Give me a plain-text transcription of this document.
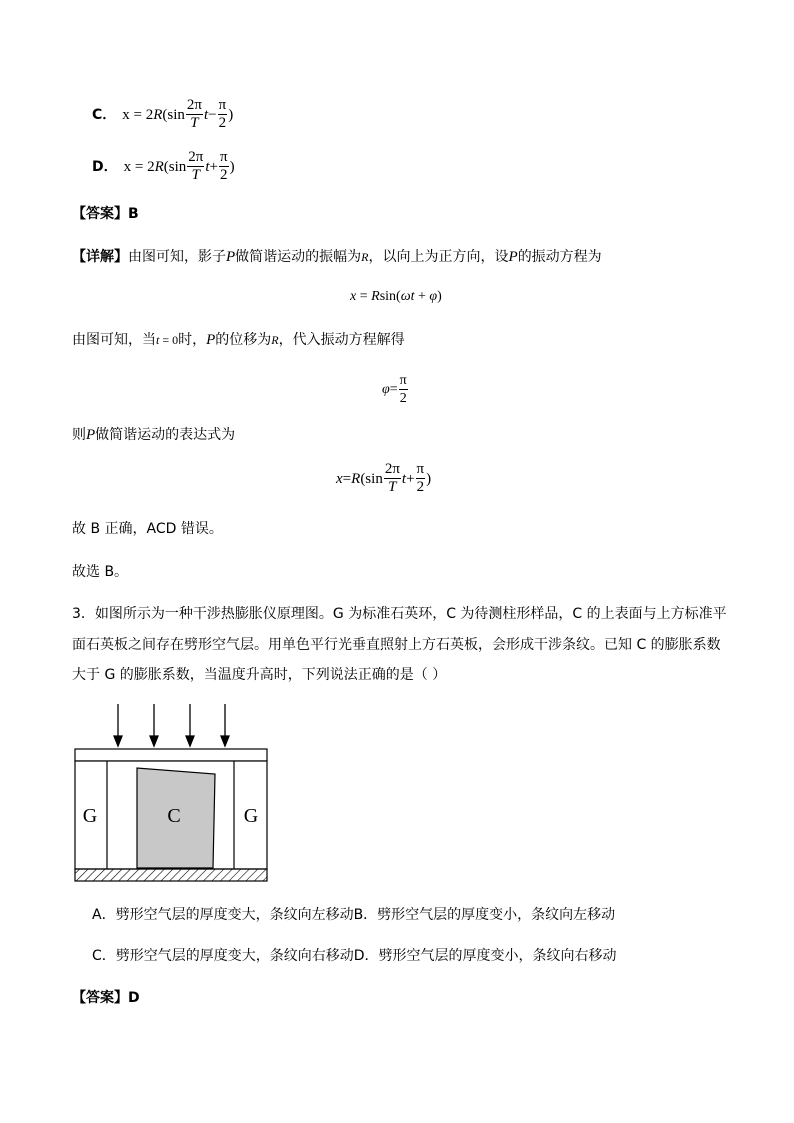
C． x = 2 R ($\sin \frac{2\pi}{T}$ $t - \frac{\pi}{2}$ )
D． x = 2 R ($\sin \frac{2\pi}{T}$ $t + \frac{\pi}{2}$ )
【答案】B
【详解】由图可知，影子P做简谐运动的振幅为R，以向上为正方向，设P的振动方程为
x = Rsin(ωt + φ)
由图可知，当t = 0时，P的位移为R，代入振动方程解得
$\varphi = \frac{\pi}{2}$
则P做简谐运动的表达式为
x = R ($\sin \frac{2\pi}{T}$ $t + \frac{\pi}{2}$ )
故 B 正确，ACD 错误。
故选 B。
3．如图所示为一种干涉热膨胀仪原理图。G 为标准石英环，C 为待测柱形样品，C 的上表面与上方标准平
面石英板之间存在劈形空气层。用单色平行光垂直照射上方石英板，会形成干涉条纹。已知 C 的膨胀系数
大于 G 的膨胀系数，当温度升高时，下列说法正确的是（ ）
G	C	G
A．劈形空气层的厚度变大，条纹向左移动B．劈形空气层的厚度变小，条纹向左移动
C．劈形空气层的厚度变大，条纹向右移动D．劈形空气层的厚度变小，条纹向右移动
【答案】D
